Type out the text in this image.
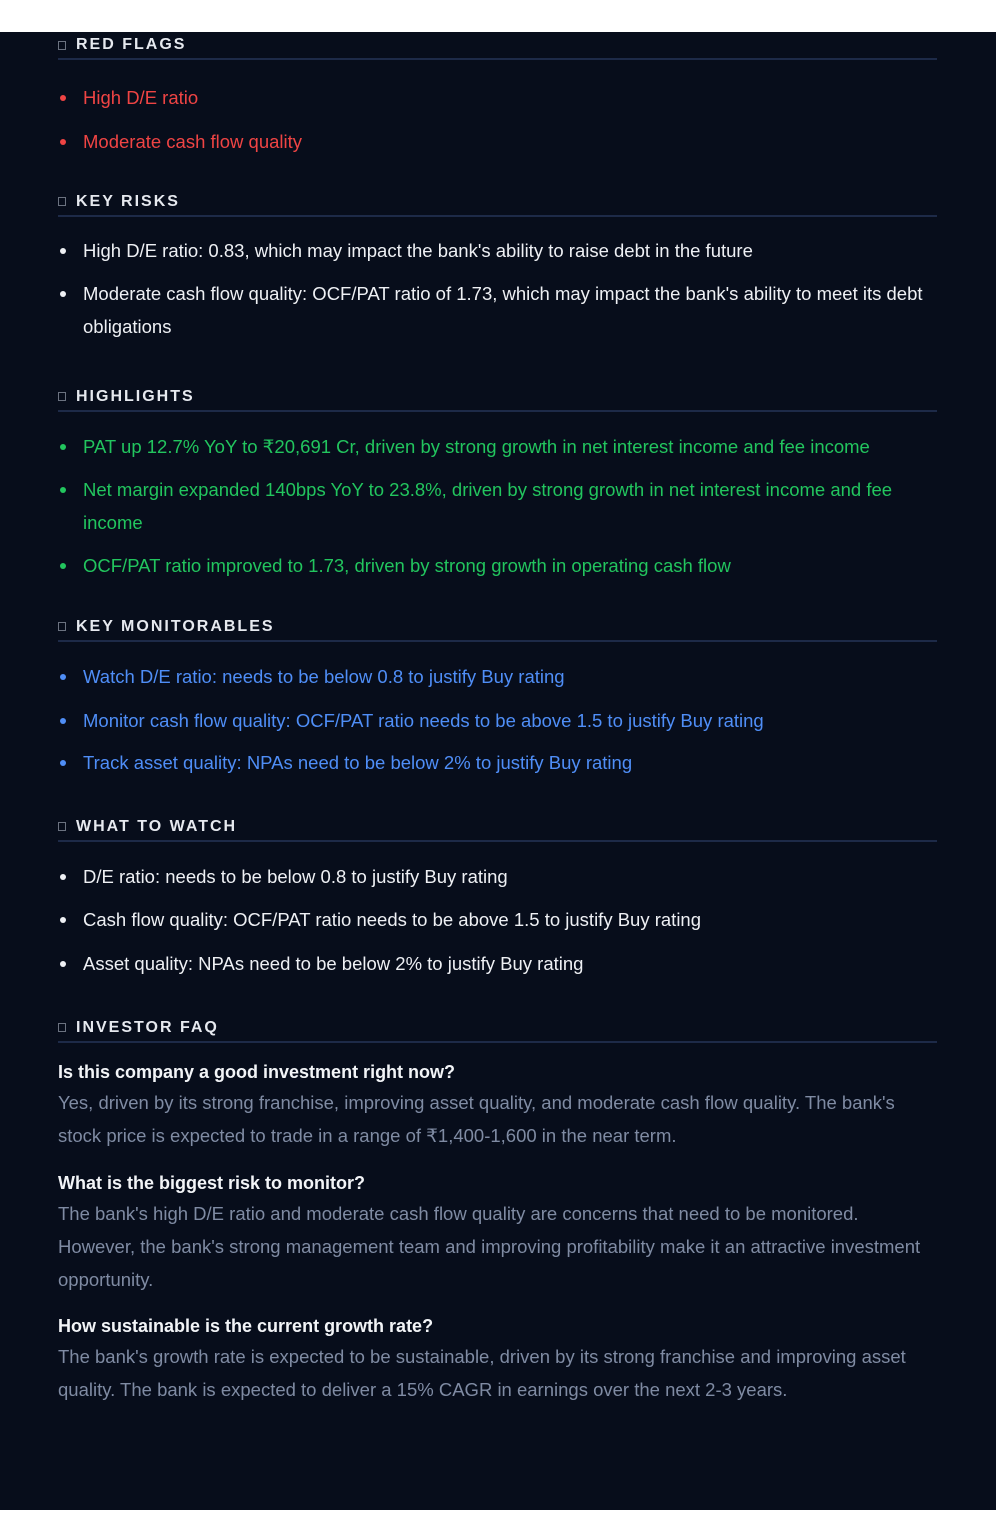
RED FLAGS
High D/E ratio
Moderate cash flow quality
KEY RISKS
High D/E ratio: 0.83, which may impact the bank's ability to raise debt in the future
Moderate cash flow quality: OCF/PAT ratio of 1.73, which may impact the bank's ability to meet its debt obligations
HIGHLIGHTS
PAT up 12.7% YoY to ₹20,691 Cr, driven by strong growth in net interest income and fee income
Net margin expanded 140bps YoY to 23.8%, driven by strong growth in net interest income and fee income
OCF/PAT ratio improved to 1.73, driven by strong growth in operating cash flow
KEY MONITORABLES
Watch D/E ratio: needs to be below 0.8 to justify Buy rating
Monitor cash flow quality: OCF/PAT ratio needs to be above 1.5 to justify Buy rating
Track asset quality: NPAs need to be below 2% to justify Buy rating
WHAT TO WATCH
D/E ratio: needs to be below 0.8 to justify Buy rating
Cash flow quality: OCF/PAT ratio needs to be above 1.5 to justify Buy rating
Asset quality: NPAs need to be below 2% to justify Buy rating
INVESTOR FAQ
Is this company a good investment right now?
Yes, driven by its strong franchise, improving asset quality, and moderate cash flow quality. The bank's stock price is expected to trade in a range of ₹1,400-1,600 in the near term.
What is the biggest risk to monitor?
The bank's high D/E ratio and moderate cash flow quality are concerns that need to be monitored. However, the bank's strong management team and improving profitability make it an attractive investment opportunity.
How sustainable is the current growth rate?
The bank's growth rate is expected to be sustainable, driven by its strong franchise and improving asset quality. The bank is expected to deliver a 15% CAGR in earnings over the next 2-3 years.
